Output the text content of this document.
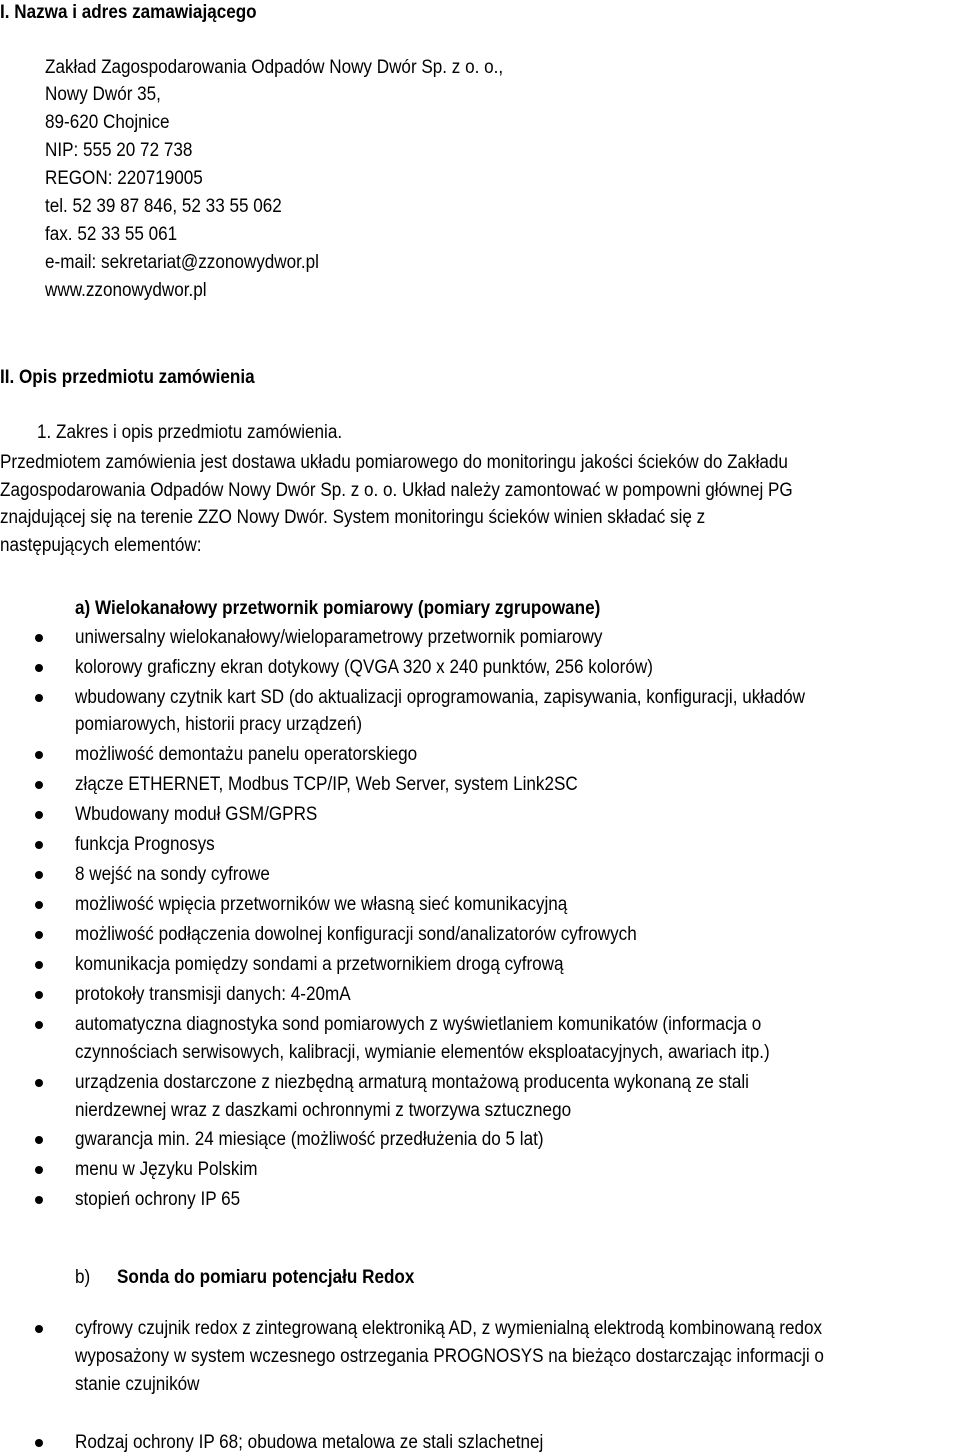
I. Nazwa i adres zamawiającego
Zakład Zagospodarowania Odpadów Nowy Dwór Sp. z o. o.,
Nowy Dwór 35,
89-620 Chojnice
NIP: 555 20 72 738
REGON: 220719005
tel. 52 39 87 846, 52 33 55 062
fax. 52 33 55 061
e-mail: sekretariat@zzonowydwor.pl
www.zzonowydwor.pl
II. Opis przedmiotu zamówienia
1. Zakres i opis przedmiotu zamówienia.
Przedmiotem zamówienia jest dostawa układu pomiarowego do monitoringu jakości ścieków do Zakładu
Zagospodarowania Odpadów Nowy Dwór Sp. z o. o. Układ należy zamontować w pompowni głównej PG
znajdującej się na terenie ZZO Nowy Dwór. System monitoringu ścieków winien składać się z
następujących elementów:
a) Wielokanałowy przetwornik pomiarowy (pomiary zgrupowane)
uniwersalny wielokanałowy/wieloparametrowy przetwornik pomiarowy
kolorowy graficzny ekran dotykowy (QVGA 320 x 240 punktów, 256 kolorów)
wbudowany czytnik kart SD (do aktualizacji oprogramowania, zapisywania, konfiguracji, układów
pomiarowych, historii pracy urządzeń)
możliwość demontażu panelu operatorskiego
złącze ETHERNET, Modbus TCP/IP, Web Server, system Link2SC
Wbudowany moduł GSM/GPRS
funkcja Prognosys
8 wejść na sondy cyfrowe
możliwość wpięcia przetworników we własną sieć komunikacyjną
możliwość podłączenia dowolnej konfiguracji sond/analizatorów cyfrowych
komunikacja pomiędzy sondami a przetwornikiem drogą cyfrową
protokoły transmisji danych: 4-20mA
automatyczna diagnostyka sond pomiarowych z wyświetlaniem komunikatów (informacja o
czynnościach serwisowych, kalibracji, wymianie elementów eksploatacyjnych, awariach itp.)
urządzenia dostarczone z niezbędną armaturą montażową producenta wykonaną ze stali
nierdzewnej wraz z daszkami ochronnymi z tworzywa sztucznego
gwarancja min. 24 miesiące (możliwość przedłużenia do 5 lat)
menu w Języku Polskim
stopień ochrony IP 65
b) Sonda do pomiaru potencjału Redox
cyfrowy czujnik redox z zintegrowaną elektroniką AD, z wymienialną elektrodą kombinowaną redox
wyposażony w system wczesnego ostrzegania PROGNOSYS na bieżąco dostarczając informacji o
stanie czujników
Rodzaj ochrony IP 68; obudowa metalowa ze stali szlachetnej
